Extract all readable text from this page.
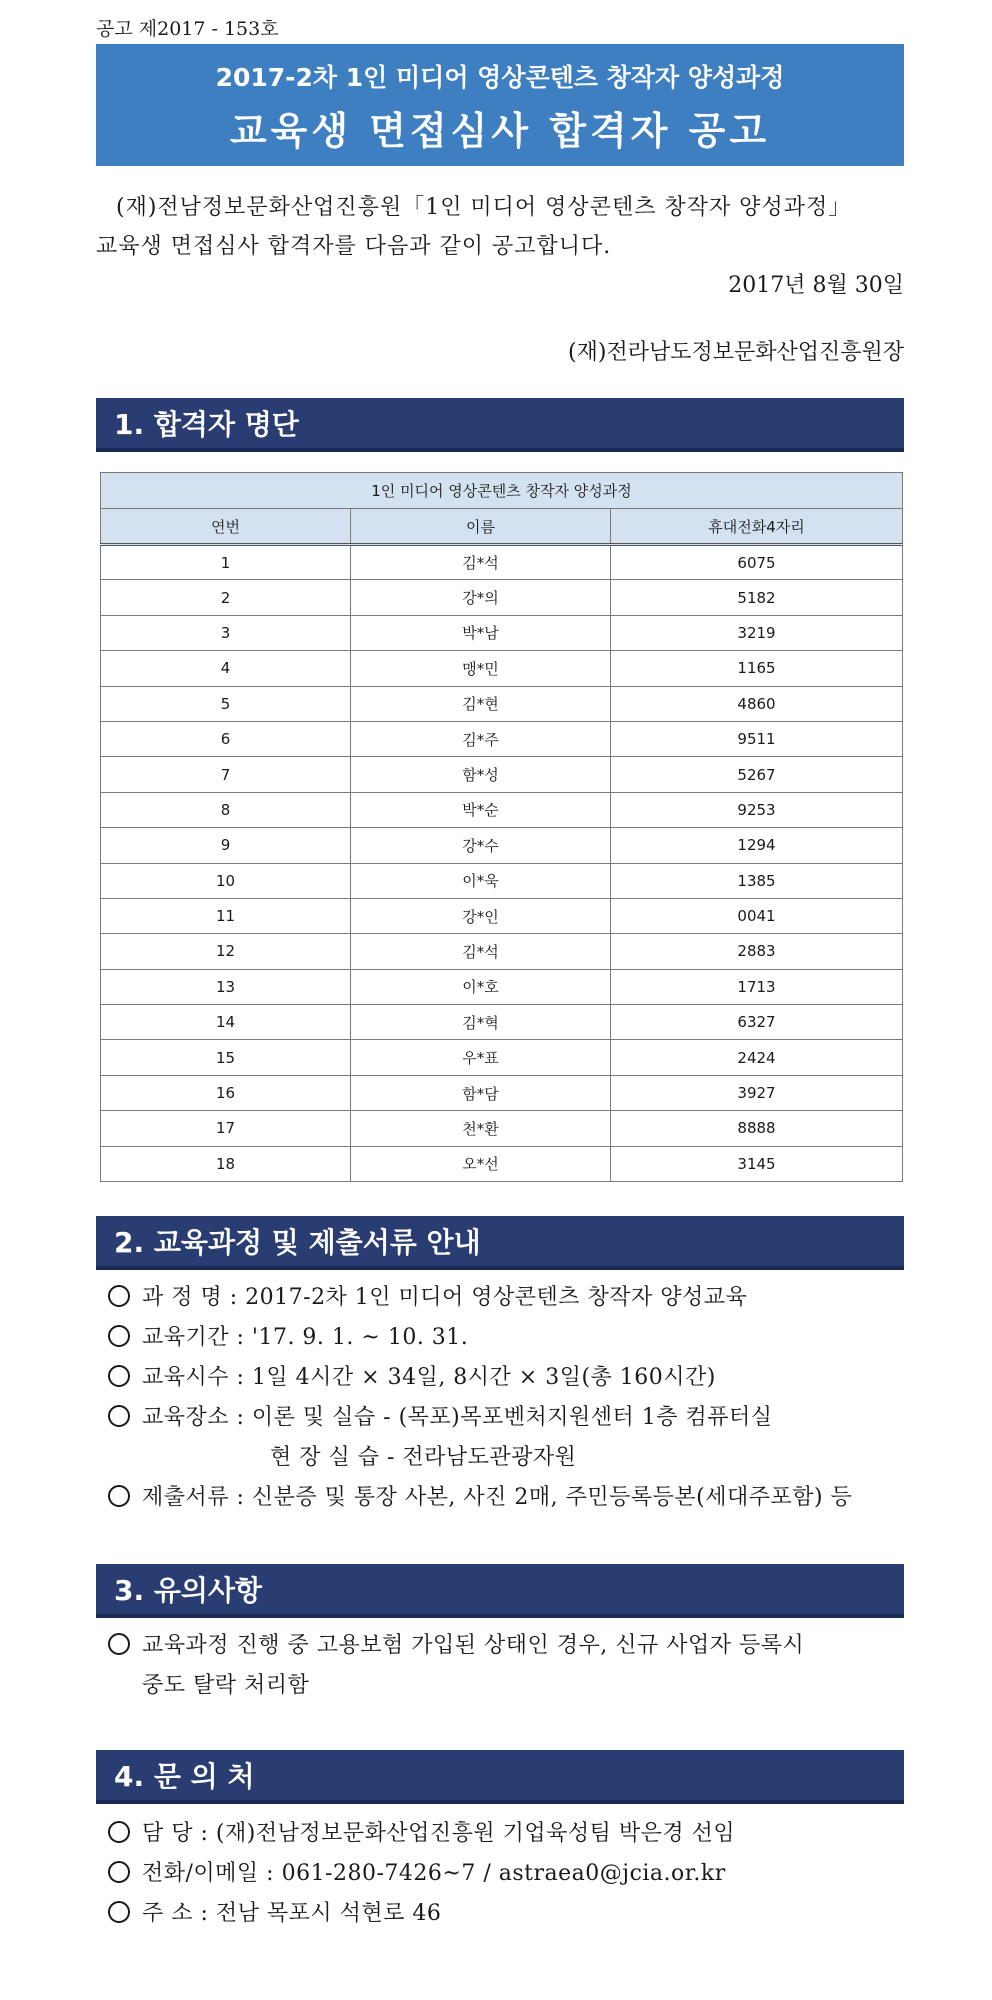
공고 제2017 - 153호
2017-2차 1인 미디어 영상콘텐츠 창작자 양성과정
교육생 면접심사 합격자 공고
(재)전남정보문화산업진흥원「1인 미디어 영상콘텐츠 창작자 양성과정」
교육생 면접심사 합격자를 다음과 같이 공고합니다.
2017년 8월 30일
(재)전라남도정보문화산업진흥원장
1. 합격자 명단
1인 미디어 영상콘텐츠 창작자 양성과정		
연번	이름	휴대전화4자리
1	김*석	6075
2	강*의	5182
3	박*남	3219
4	맹*민	1165
5	김*현	4860
6	김*주	9511
7	함*성	5267
8	박*순	9253
9	강*수	1294
10	이*욱	1385
11	강*인	0041
12	김*석	2883
13	이*호	1713
14	김*혁	6327
15	우*표	2424
16	함*담	3927
17	천*환	8888
18	오*선	3145
2. 교육과정 및 제출서류 안내
과 정 명 : 2017-2차 1인 미디어 영상콘텐츠 창작자 양성교육
교육기간 : '17. 9. 1. ~ 10. 31.
교육시수 : 1일 4시간 × 34일, 8시간 × 3일(총 160시간)
교육장소 : 이론 및 실습 - (목포)목포벤처지원센터 1층 컴퓨터실
현 장 실 습 - 전라남도관광자원
제출서류 : 신분증 및 통장 사본, 사진 2매, 주민등록등본(세대주포함) 등
3. 유의사항
교육과정 진행 중 고용보험 가입된 상태인 경우, 신규 사업자 등록시
중도 탈락 처리함
4. 문 의 처
담 당 : (재)전남정보문화산업진흥원 기업육성팀 박은경 선임
전화/이메일 : 061-280-7426~7 / astraea0@jcia.or.kr
주 소 : 전남 목포시 석현로 46
